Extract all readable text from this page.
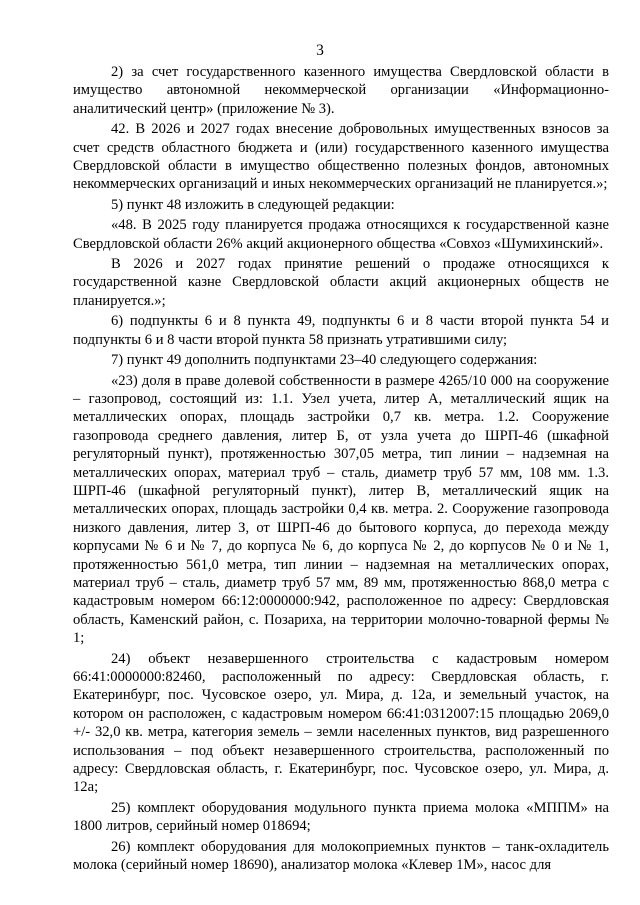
3

2) за счет государственного казенного имущества Свердловской области в имущество автономной некоммерческой организации «Информационно-аналитический центр» (приложение № 3).

42. В 2026 и 2027 годах внесение добровольных имущественных взносов за счет средств областного бюджета и (или) государственного казенного имущества Свердловской области в имущество общественно полезных фондов, автономных некоммерческих организаций и иных некоммерческих организаций не планируется.»;

5) пункт 48 изложить в следующей редакции:

«48. В 2025 году планируется продажа относящихся к государственной казне Свердловской области 26% акций акционерного общества «Совхоз «Шумихинский».

В 2026 и 2027 годах принятие решений о продаже относящихся к государственной казне Свердловской области акций акционерных обществ не планируется.»;

6) подпункты 6 и 8 пункта 49, подпункты 6 и 8 части второй пункта 54 и подпункты 6 и 8 части второй пункта 58 признать утратившими силу;

7) пункт 49 дополнить подпунктами 23–40 следующего содержания:

«23) доля в праве долевой собственности в размере 4265/10 000 на сооружение – газопровод, состоящий из: 1.1. Узел учета, литер А, металлический ящик на металлических опорах, площадь застройки 0,7 кв. метра. 1.2. Сооружение газопровода среднего давления, литер Б, от узла учета до ШРП-46 (шкафной регуляторный пункт), протяженностью 307,05 метра, тип линии – надземная на металлических опорах, материал труб – сталь, диаметр труб 57 мм, 108 мм. 1.3. ШРП-46 (шкафной регуляторный пункт), литер В, металлический ящик на металлических опорах, площадь застройки 0,4 кв. метра. 2. Сооружение газопровода низкого давления, литер З, от ШРП-46 до бытового корпуса, до перехода между корпусами № 6 и № 7, до корпуса № 6, до корпуса № 2, до корпусов № 0 и № 1, протяженностью 561,0 метра, тип линии – надземная на металлических опорах, материал труб – сталь, диаметр труб 57 мм, 89 мм, протяженностью 868,0 метра с кадастровым номером 66:12:0000000:942, расположенное по адресу: Свердловская область, Каменский район, с. Позариха, на территории молочно-товарной фермы № 1;

24) объект незавершенного строительства с кадастровым номером 66:41:0000000:82460, расположенный по адресу: Свердловская область, г. Екатеринбург, пос. Чусовское озеро, ул. Мира, д. 12а, и земельный участок, на котором он расположен, с кадастровым номером 66:41:0312007:15 площадью 2069,0 +/- 32,0 кв. метра, категория земель – земли населенных пунктов, вид разрешенного использования – под объект незавершенного строительства, расположенный по адресу: Свердловская область, г. Екатеринбург, пос. Чусовское озеро, ул. Мира, д. 12а;

25) комплект оборудования модульного пункта приема молока «МППМ» на 1800 литров, серийный номер 018694;

26) комплект оборудования для молокоприемных пунктов – танк-охладитель молока (серийный номер 18690), анализатор молока «Клевер 1М», насос для
